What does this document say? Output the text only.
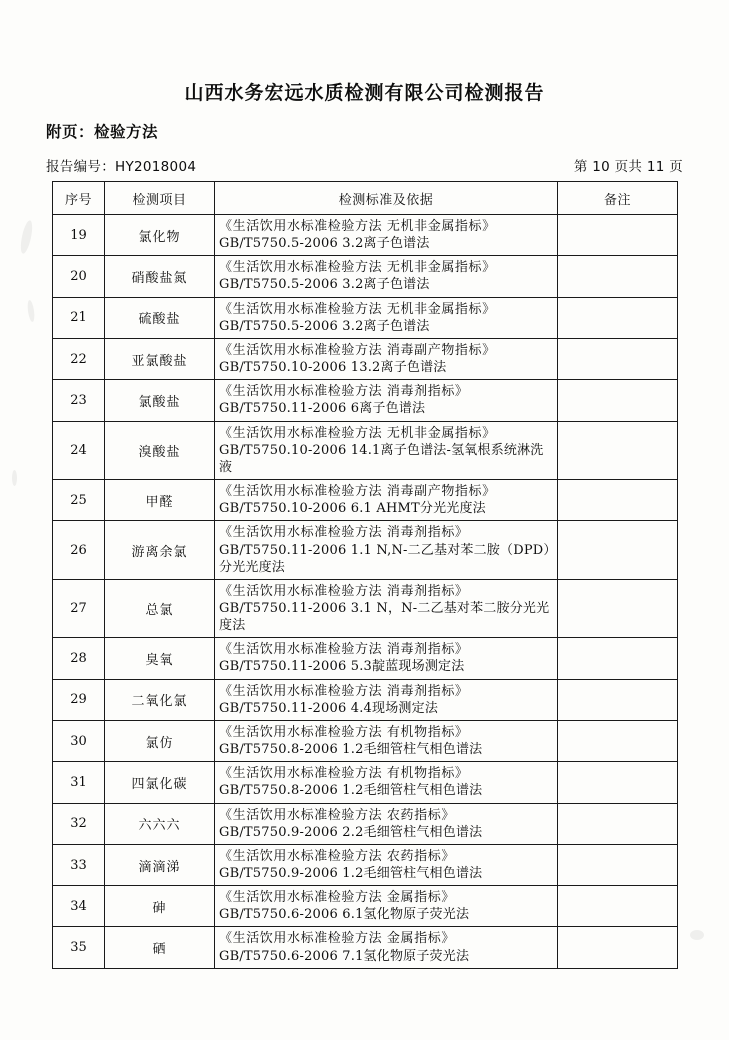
山西水务宏远水质检测有限公司检测报告
附页：检验方法
报告编号：HY2018004	第 10 页共 11 页
序号	检测项目	检测标准及依据	备注
19	氯化物	《生活饮用水标准检验方法 无机非金属指标》
GB/T5750.5-2006 3.2离子色谱法	

20	硝酸盐氮	《生活饮用水标准检验方法 无机非金属指标》
GB/T5750.5-2006 3.2离子色谱法	

21	硫酸盐	《生活饮用水标准检验方法 无机非金属指标》
GB/T5750.5-2006 3.2离子色谱法	

22	亚氯酸盐	《生活饮用水标准检验方法 消毒副产物指标》
GB/T5750.10-2006 13.2离子色谱法	

23	氯酸盐	《生活饮用水标准检验方法 消毒剂指标》
GB/T5750.11-2006 6离子色谱法	

24	溴酸盐	《生活饮用水标准检验方法 无机非金属指标》
GB/T5750.10-2006 14.1离子色谱法-氢氧根系统淋洗液	

25	甲醛	《生活饮用水标准检验方法 消毒副产物指标》
GB/T5750.10-2006 6.1 AHMT分光光度法	

26	游离余氯	《生活饮用水标准检验方法 消毒剂指标》
GB/T5750.11-2006 1.1 N,N-二乙基对苯二胺（DPD）分光光度法	

27	总氯	《生活饮用水标准检验方法 消毒剂指标》
GB/T5750.11-2006 3.1 N，N-二乙基对苯二胺分光光度法	

28	臭氧	《生活饮用水标准检验方法 消毒剂指标》
GB/T5750.11-2006 5.3靛蓝现场测定法	

29	二氧化氯	《生活饮用水标准检验方法 消毒剂指标》
GB/T5750.11-2006 4.4现场测定法	

30	氯仿	《生活饮用水标准检验方法 有机物指标》
GB/T5750.8-2006 1.2毛细管柱气相色谱法	

31	四氯化碳	《生活饮用水标准检验方法 有机物指标》
GB/T5750.8-2006 1.2毛细管柱气相色谱法	

32	六六六	《生活饮用水标准检验方法 农药指标》
GB/T5750.9-2006 2.2毛细管柱气相色谱法	

33	滴滴涕	《生活饮用水标准检验方法 农药指标》
GB/T5750.9-2006 1.2毛细管柱气相色谱法	

34	砷	《生活饮用水标准检验方法 金属指标》
GB/T5750.6-2006 6.1氢化物原子荧光法	

35	硒	《生活饮用水标准检验方法 金属指标》
GB/T5750.6-2006 7.1氢化物原子荧光法	
